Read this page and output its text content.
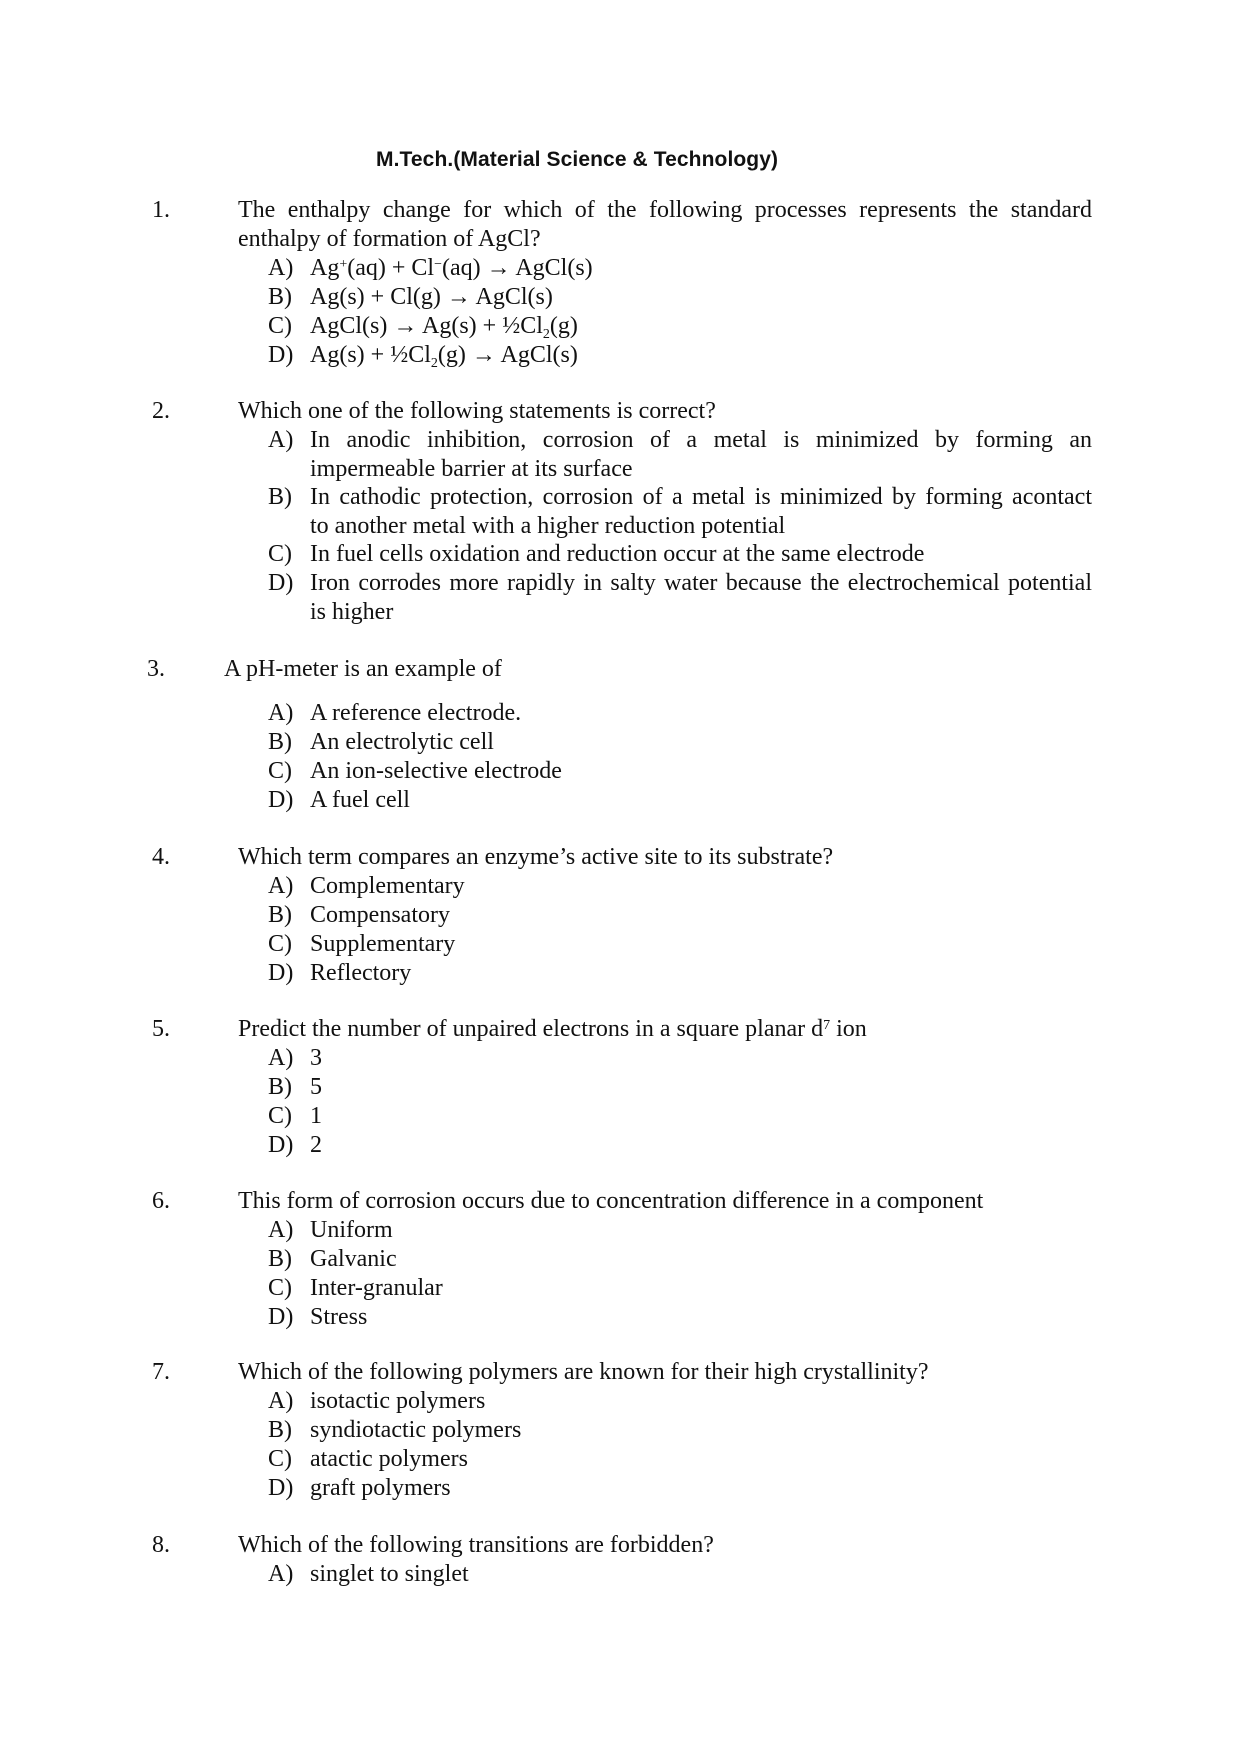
M.Tech.(Material Science & Technology)
1.	The enthalpy change for which of the following processes represents the standard
enthalpy of formation of AgCl?
A) Ag+(aq) + Cl−(aq) → AgCl(s)
B) Ag(s) + Cl(g) → AgCl(s)
C) AgCl(s) → $Ag(s) + \frac{1}{2}Cl_2(g)$
D) $Ag(s) + \frac{1}{2}Cl_2(g)$ → AgCl(s)
2.	Which one of the following statements is correct?
A) In anodic inhibition, corrosion of a metal is minimized by forming an
impermeable barrier at its surface
B) In cathodic protection, corrosion of a metal is minimized by forming acontact
to another metal with a higher reduction potential
C) In fuel cells oxidation and reduction occur at the same electrode
D) Iron corrodes more rapidly in salty water because the electrochemical potential
is higher
3. A pH-meter is an example of
A) A reference electrode.
B) An electrolytic cell
C) An ion-selective electrode
D) A fuel cell
4.	Which term compares an enzyme’s active site to its substrate?
A) Complementary
B) Compensatory
C) Supplementary
D) Reflectory
5.	Predict the number of unpaired electrons in a square planar $d^7$ ion
A) 3
B) 5
C) 1
D) 2
6.	This form of corrosion occurs due to concentration difference in a component
A) Uniform
B) Galvanic
C) Inter-granular
D) Stress
7.	Which of the following polymers are known for their high crystallinity?
A) isotactic polymers
B) syndiotactic polymers
C) atactic polymers
D) graft polymers
8.	Which of the following transitions are forbidden?
A) singlet to singlet
